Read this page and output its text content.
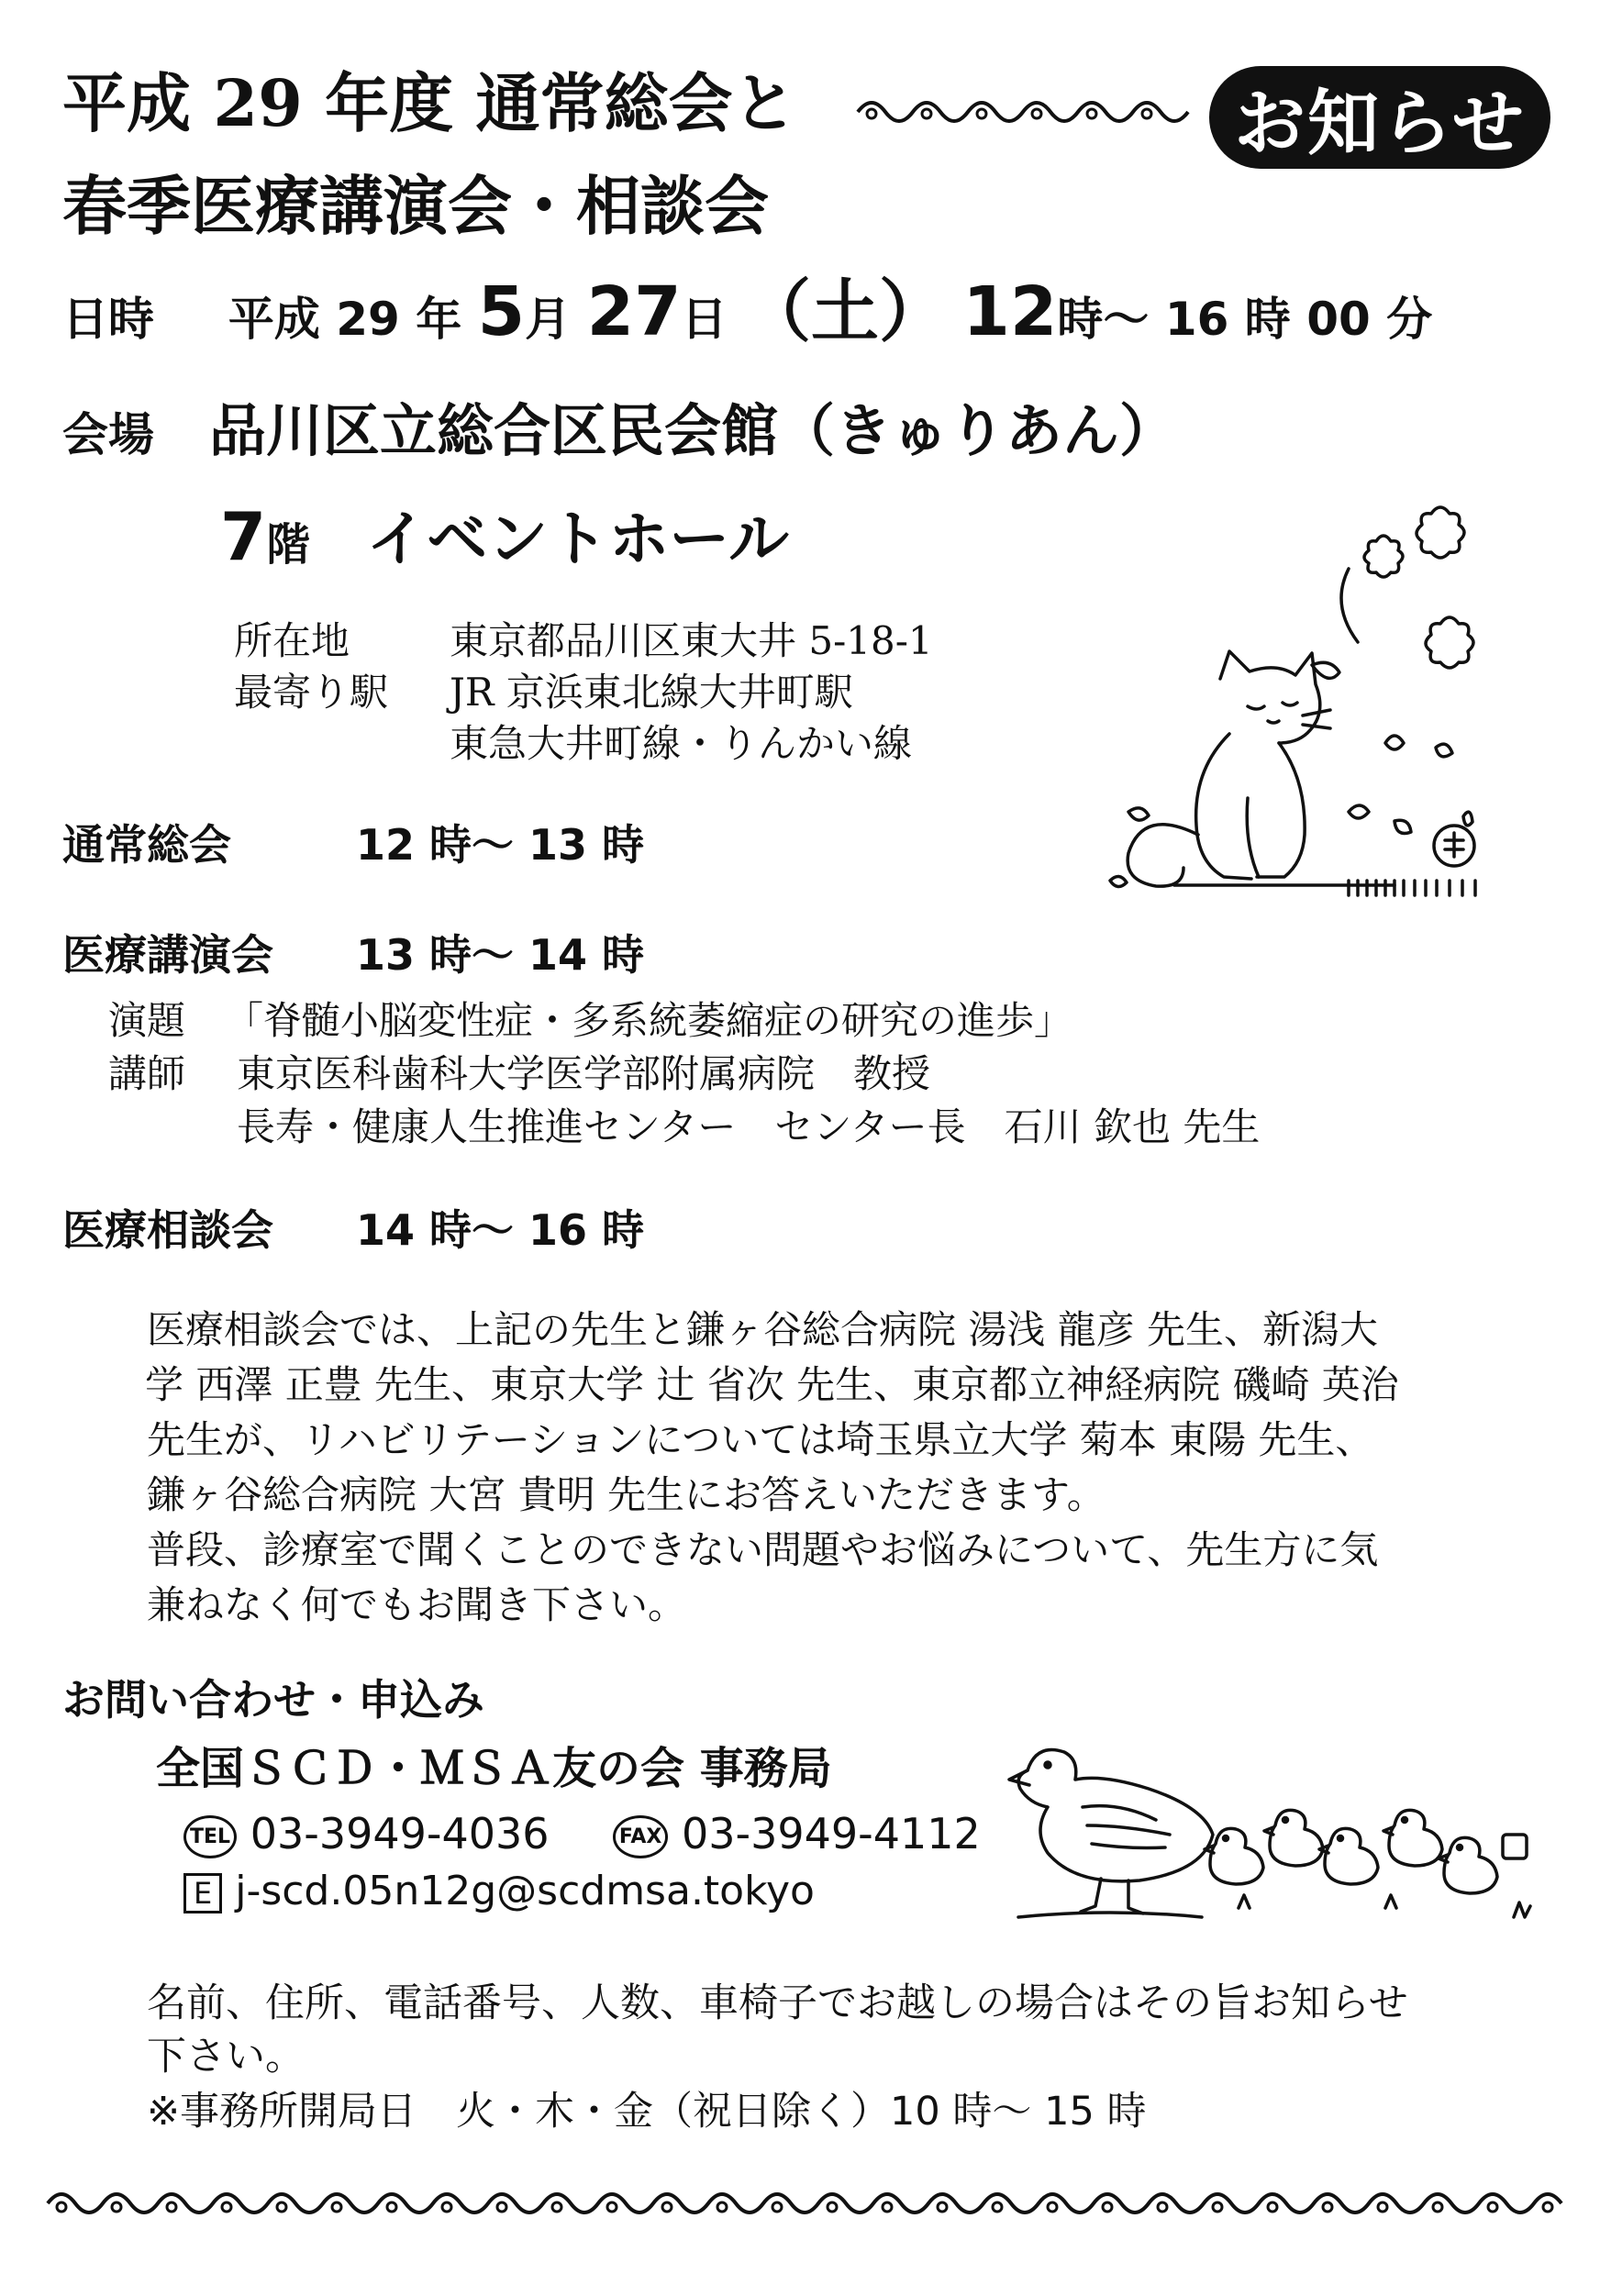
平成 29 年度 通常総会と
春季医療講演会・相談会
お知らせ
日時 平成 29 年 5月 27日 （土） 12時～ 16 時 00 分
会場 品川区立総合区民会館（きゅりあん）
7階 イベントホール
所在地	東京都品川区東大井 5-18-1
最寄り駅 JR 京浜東北線大井町駅
東急大井町線・りんかい線
通常総会	12 時～ 13 時
医療講演会 13 時～ 14 時
演題 「脊髄小脳変性症・多系統萎縮症の研究の進歩」
講師 東京医科歯科大学医学部附属病院　教授
長寿・健康人生推進センター　センター長　石川 欽也 先生
医療相談会 14 時～ 16 時
医療相談会では、上記の先生と鎌ヶ谷総合病院 湯浅 龍彦 先生、新潟大
学 西澤 正豊 先生、東京大学 辻 省次 先生、東京都立神経病院 磯崎 英治
先生が、リハビリテーションについては埼玉県立大学 菊本 東陽 先生、
鎌ヶ谷総合病院 大宮 貴明 先生にお答えいただきます。
普段、診療室で聞くことのできない問題やお悩みについて、先生方に気
兼ねなく何でもお聞き下さい。
お問い合わせ・申込み
全国ＳＣＤ・ＭＳＡ友の会 事務局
TEL 03-3949-4036	FAX 03-3949-4112
E j-scd.05n12g@scdmsa.tokyo
名前、住所、電話番号、人数、車椅子でお越しの場合はその旨お知らせ
下さい。
※事務所開局日　火・木・金（祝日除く）10 時～ 15 時
